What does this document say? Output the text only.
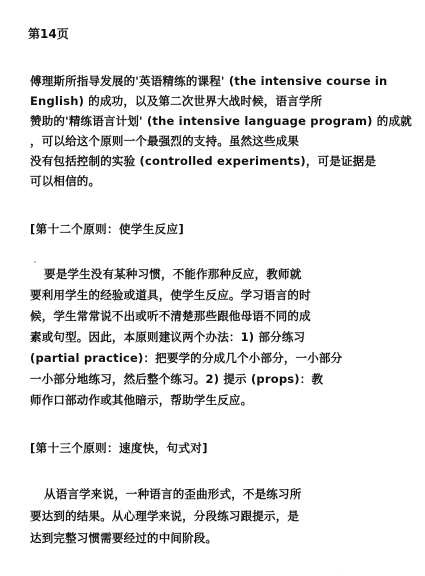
第14页
傅理斯所指导发展的'英语精练的课程' (the intensive course in
English) 的成功，以及第二次世界大战时候，语言学所
赞助的'精练语言计划' (the intensive language program) 的成就
，可以给这个原则一个最强烈的支持。虽然这些成果
没有包括控制的实验 (controlled experiments)，可是证据是
可以相信的。
[第十二个原则：使学生反应]
′
要是学生没有某种习惯，不能作那种反应，教师就
要利用学生的经验或道具，使学生反应。学习语言的时
候，学生常常说不出或听不清楚那些跟他母语不同的成
素或句型。因此，本原则建议两个办法：1) 部分练习
(partial practice)：把要学的分成几个小部分，一小部分
一小部分地练习，然后整个练习。2) 提示 (props)：教
师作口部动作或其他暗示，帮助学生反应。
[第十三个原则：速度快，句式对]
从语言学来说，一种语言的歪曲形式，不是练习所
要达到的结果。从心理学来说，分段练习跟提示，是
达到完整习惯需要经过的中间阶段。
·
